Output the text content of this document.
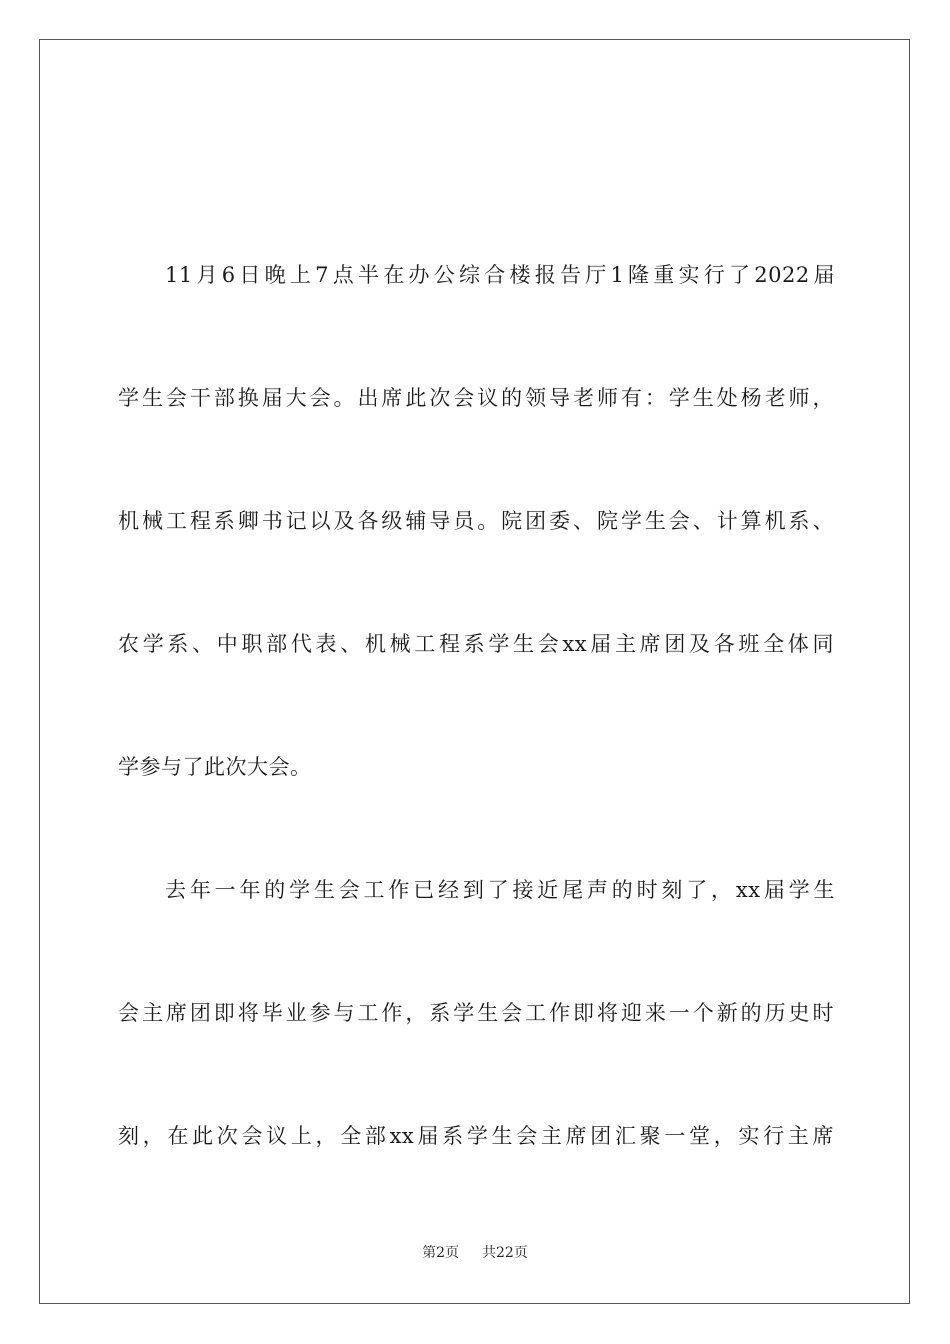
11月6日晚上7点半在办公综合楼报告厅1隆重实行了2022届
学生会干部换届大会。出席此次会议的领导老师有：学生处杨老师，
机械工程系卿书记以及各级辅导员。院团委、院学生会、计算机系、
农学系、中职部代表、机械工程系学生会xx届主席团及各班全体同
学参与了此次大会。
去年一年的学生会工作已经到了接近尾声的时刻了，xx届学生
会主席团即将毕业参与工作，系学生会工作即将迎来一个新的历史时
刻，在此次会议上，全部xx届系学生会主席团汇聚一堂，实行主席
第2页 共22页
